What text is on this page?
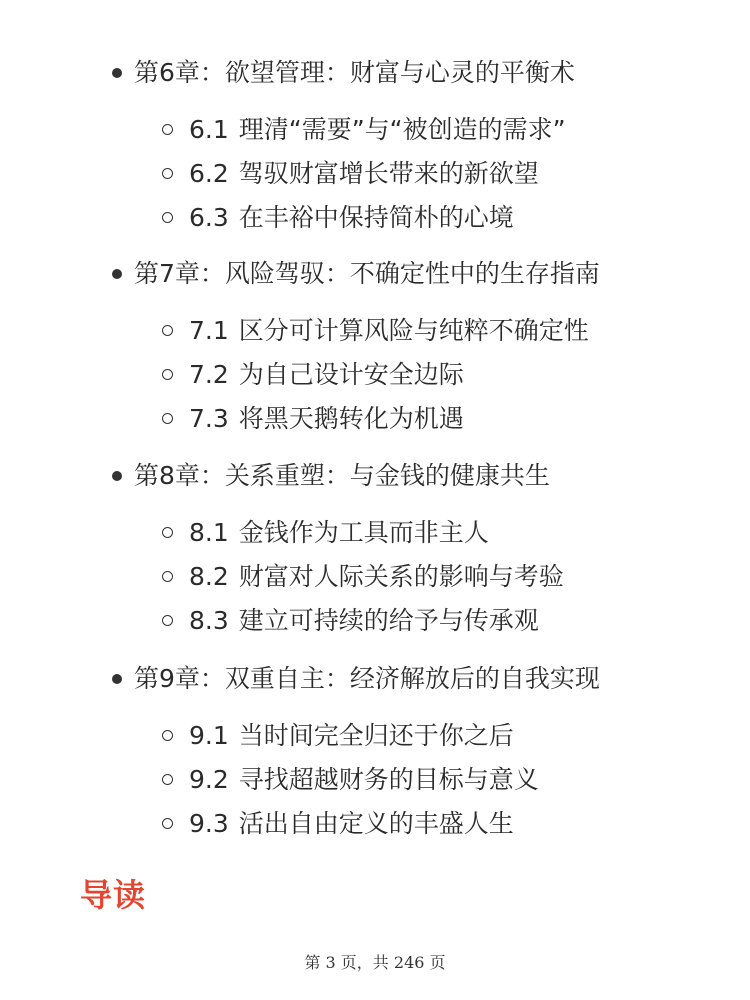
第6章：欲望管理：财富与心灵的平衡术
6.1 理清“需要”与“被创造的需求”
6.2 驾驭财富增长带来的新欲望
6.3 在丰裕中保持简朴的心境
第7章：风险驾驭：不确定性中的生存指南
7.1 区分可计算风险与纯粹不确定性
7.2 为自己设计安全边际
7.3 将黑天鹅转化为机遇
第8章：关系重塑：与金钱的健康共生
8.1 金钱作为工具而非主人
8.2 财富对人际关系的影响与考验
8.3 建立可持续的给予与传承观
第9章：双重自主：经济解放后的自我实现
9.1 当时间完全归还于你之后
9.2 寻找超越财务的目标与意义
9.3 活出自由定义的丰盛人生
导读
第 3 页，共 246 页
